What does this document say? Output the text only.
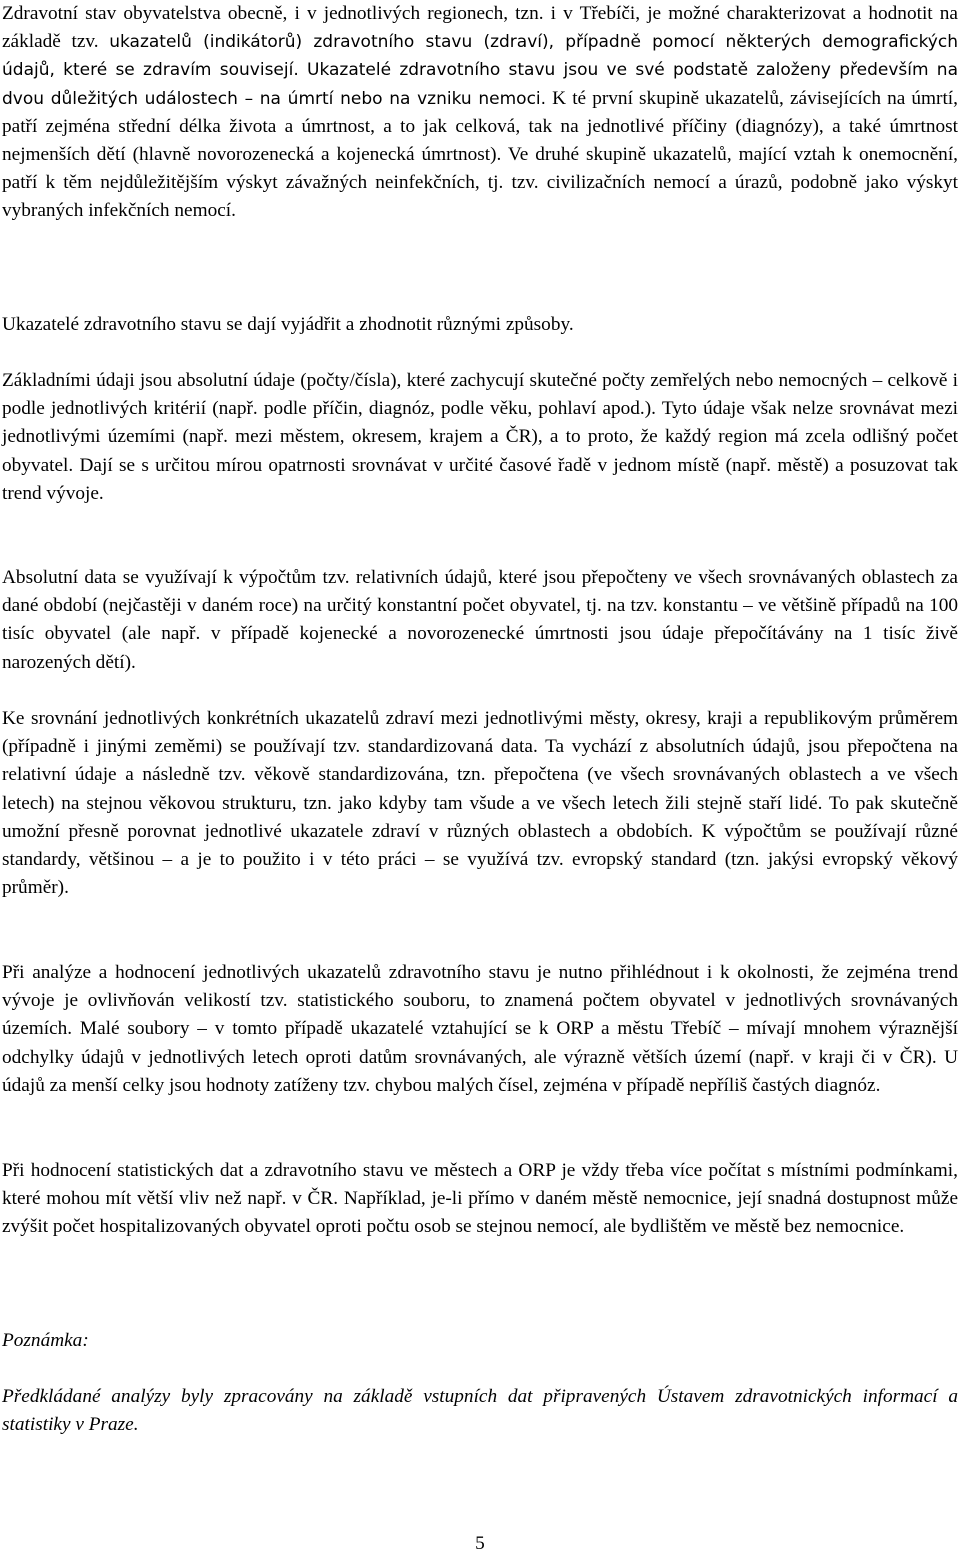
Zdravotní stav obyvatelstva obecně, i v jednotlivých regionech, tzn. i v Třebíči, je možné charakterizovat a hodnotit na základě tzv. ukazatelů (indikátorů) zdravotního stavu (zdraví), případně pomocí některých demografických údajů, které se zdravím souvisejí. Ukazatelé zdravotního stavu jsou ve své podstatě založeny především na dvou důležitých událostech – na úmrtí nebo na vzniku nemoci. K té první skupině ukazatelů, závisejících na úmrtí, patří zejména střední délka života a úmrtnost, a to jak celková, tak na jednotlivé příčiny (diagnózy), a také úmrtnost nejmenších dětí (hlavně novorozenecká a kojenecká úmrtnost). Ve druhé skupině ukazatelů, mající vztah k onemocnění, patří k těm nejdůležitějším výskyt závažných neinfekčních, tj. tzv. civilizačních nemocí a úrazů, podobně jako výskyt vybraných infekčních nemocí.

Ukazatelé zdravotního stavu se dají vyjádřit a zhodnotit různými způsoby.

Základními údaji jsou absolutní údaje (počty/čísla), které zachycují skutečné počty zemřelých nebo nemocných – celkově i podle jednotlivých kritérií (např. podle příčin, diagnóz, podle věku, pohlaví apod.). Tyto údaje však nelze srovnávat mezi jednotlivými územími (např. mezi městem, okresem, krajem a ČR), a to proto, že každý region má zcela odlišný počet obyvatel. Dají se s určitou mírou opatrnosti srovnávat v určité časové řadě v jednom místě (např. městě) a posuzovat tak trend vývoje.

Absolutní data se využívají k výpočtům tzv. relativních údajů, které jsou přepočteny ve všech srovnávaných oblastech za dané období (nejčastěji v daném roce) na určitý konstantní počet obyvatel, tj. na tzv. konstantu – ve většině případů na 100 tisíc obyvatel (ale např. v případě kojenecké a novorozenecké úmrtnosti jsou údaje přepočítávány na 1 tisíc živě narozených dětí).

Ke srovnání jednotlivých konkrétních ukazatelů zdraví mezi jednotlivými městy, okresy, kraji a republikovým průměrem (případně i jinými zeměmi) se používají tzv. standardizovaná data. Ta vychází z absolutních údajů, jsou přepočtena na relativní údaje a následně tzv. věkově standardizována, tzn. přepočtena (ve všech srovnávaných oblastech a ve všech letech) na stejnou věkovou strukturu, tzn. jako kdyby tam všude a ve všech letech žili stejně staří lidé. To pak skutečně umožní přesně porovnat jednotlivé ukazatele zdraví v různých oblastech a obdobích. K výpočtům se používají různé standardy, většinou – a je to použito i v této práci – se využívá tzv. evropský standard (tzn. jakýsi evropský věkový průměr).

Při analýze a hodnocení jednotlivých ukazatelů zdravotního stavu je nutno přihlédnout i k okolnosti, že zejména trend vývoje je ovlivňován velikostí tzv. statistického souboru, to znamená počtem obyvatel v jednotlivých srovnávaných územích. Malé soubory – v tomto případě ukazatelé vztahující se k ORP a městu Třebíč – mívají mnohem výraznější odchylky údajů v jednotlivých letech oproti datům srovnávaných, ale výrazně větších území (např. v kraji či v ČR). U údajů za menší celky jsou hodnoty zatíženy tzv. chybou malých čísel, zejména v případě nepříliš častých diagnóz.

Při hodnocení statistických dat a zdravotního stavu ve městech a ORP je vždy třeba více počítat s místními podmínkami, které mohou mít větší vliv než např. v ČR. Například, je-li přímo v daném městě nemocnice, její snadná dostupnost může zvýšit počet hospitalizovaných obyvatel oproti počtu osob se stejnou nemocí, ale bydlištěm ve městě bez nemocnice.

Poznámka:

Předkládané analýzy byly zpracovány na základě vstupních dat připravených Ústavem zdravotnických informací a statistiky v Praze.

5
